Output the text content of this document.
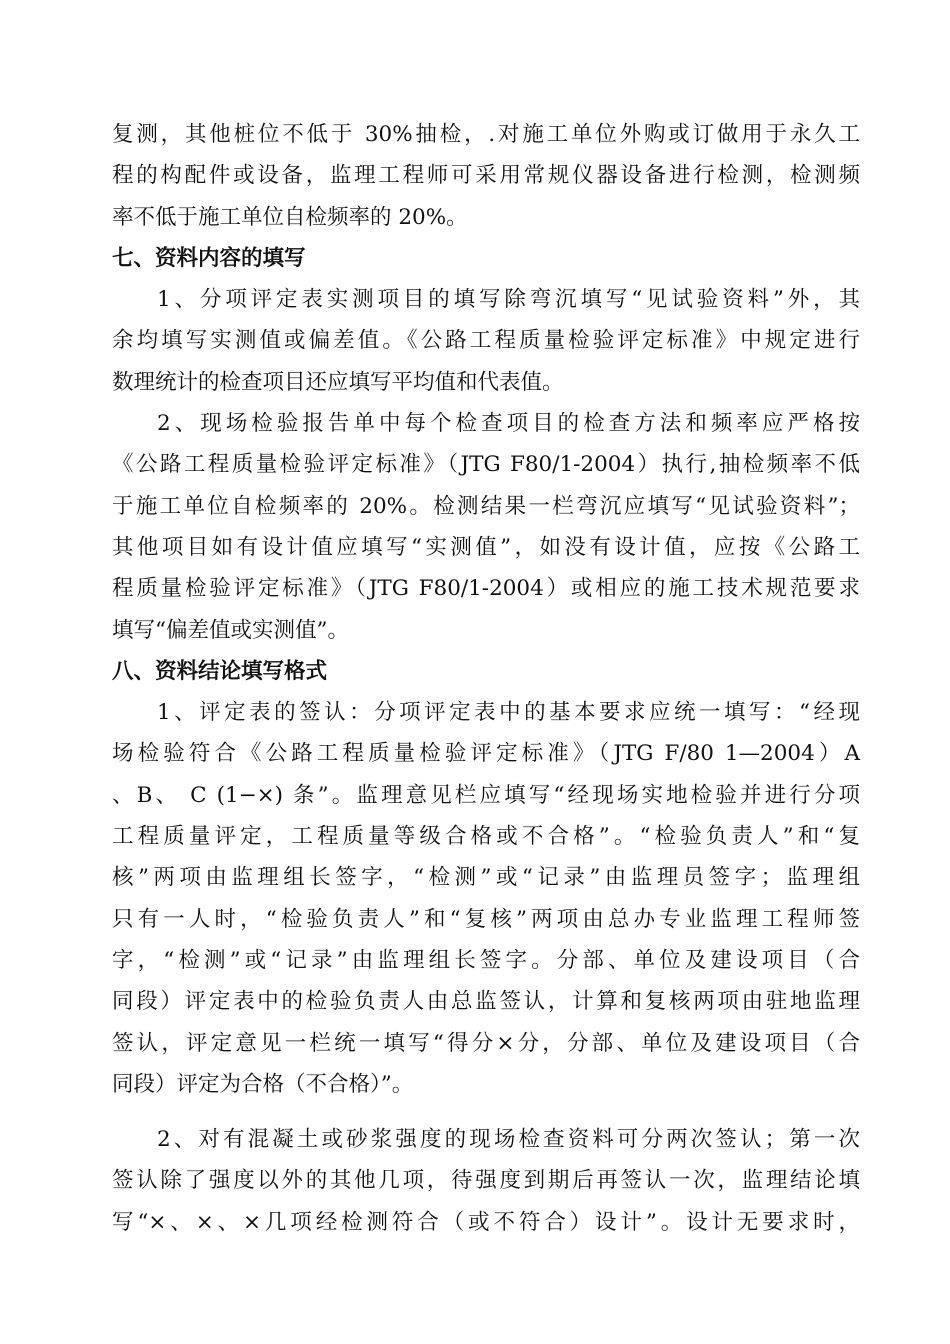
复测，其他桩位不低于 30%抽检，.对施工单位外购或订做用于永久工
程的构配件或设备，监理工程师可采用常规仪器设备进行检测，检测频
率不低于施工单位自检频率的 20%。
七、资料内容的填写
1、分项评定表实测项目的填写除弯沉填写“见试验资料”外，其
余均填写实测值或偏差值。《公路工程质量检验评定标准》中规定进行
数理统计的检查项目还应填写平均值和代表值。
2、现场检验报告单中每个检查项目的检查方法和频率应严格按
《公路工程质量检验评定标准》（JTG F80/1-2004）执行,抽检频率不低
于施工单位自检频率的 20%。检测结果一栏弯沉应填写“见试验资料”；
其他项目如有设计值应填写“实测值”，如没有设计值，应按《公路工
程质量检验评定标准》（JTG F80/1-2004）或相应的施工技术规范要求
填写“偏差值或实测值”。
八、资料结论填写格式
1、评定表的签认：分项评定表中的基本要求应统一填写：“经现
场检验符合《公路工程质量检验评定标准》（JTG F/80 1—2004）A
、B、 C (1−×) 条”。监理意见栏应填写“经现场实地检验并进行分项
工程质量评定，工程质量等级合格或不合格”。“检验负责人”和“复
核”两项由监理组长签字，“检测”或“记录”由监理员签字；监理组
只有一人时，“检验负责人”和“复核”两项由总办专业监理工程师签
字，“检测”或“记录”由监理组长签字。分部、单位及建设项目（合
同段）评定表中的检验负责人由总监签认，计算和复核两项由驻地监理
签认，评定意见一栏统一填写“得分×分，分部、单位及建设项目（合
同段）评定为合格（不合格）”。
2、对有混凝土或砂浆强度的现场检查资料可分两次签认；第一次
签认除了强度以外的其他几项，待强度到期后再签认一次，监理结论填
写“×、×、×几项经检测符合（或不符合）设计”。设计无要求时，
